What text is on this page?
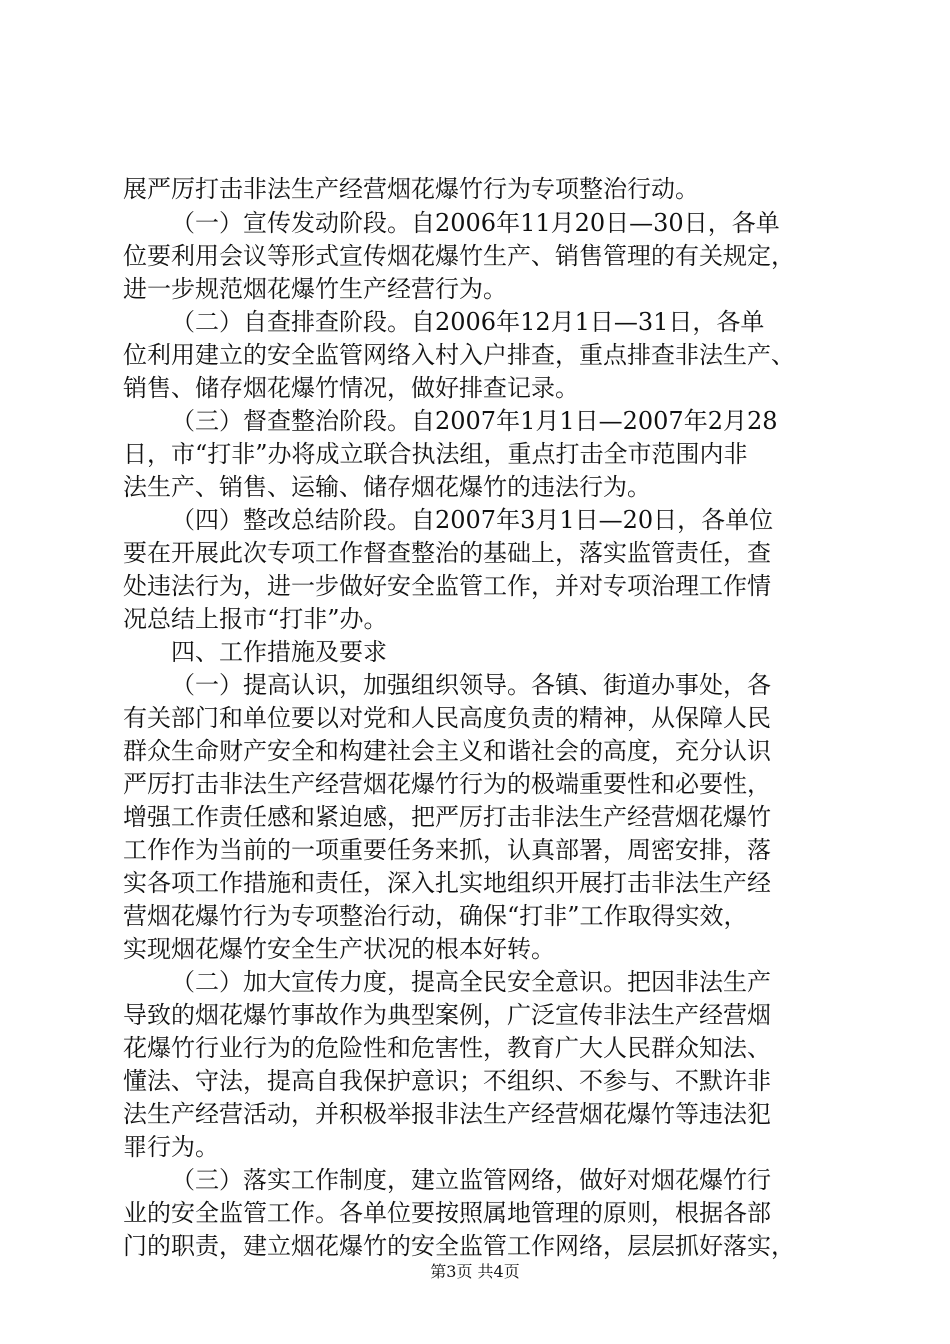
展严厉打击非法生产经营烟花爆竹行为专项整治行动。
（一）宣传发动阶段。自2006年11月20日—30日，各单
位要利用会议等形式宣传烟花爆竹生产、销售管理的有关规定，
进一步规范烟花爆竹生产经营行为。
（二）自查排查阶段。自2006年12月1日—31日，各单
位利用建立的安全监管网络入村入户排查，重点排查非法生产、
销售、储存烟花爆竹情况，做好排查记录。
（三）督查整治阶段。自2007年1月1日—2007年2月28
日，市“打非”办将成立联合执法组，重点打击全市范围内非
法生产、销售、运输、储存烟花爆竹的违法行为。
（四）整改总结阶段。自2007年3月1日—20日，各单位
要在开展此次专项工作督查整治的基础上，落实监管责任，查
处违法行为，进一步做好安全监管工作，并对专项治理工作情
况总结上报市“打非”办。
四、工作措施及要求
（一）提高认识，加强组织领导。各镇、街道办事处，各
有关部门和单位要以对党和人民高度负责的精神，从保障人民
群众生命财产安全和构建社会主义和谐社会的高度，充分认识
严厉打击非法生产经营烟花爆竹行为的极端重要性和必要性，
增强工作责任感和紧迫感，把严厉打击非法生产经营烟花爆竹
工作作为当前的一项重要任务来抓，认真部署，周密安排，落
实各项工作措施和责任，深入扎实地组织开展打击非法生产经
营烟花爆竹行为专项整治行动，确保“打非”工作取得实效，
实现烟花爆竹安全生产状况的根本好转。
（二）加大宣传力度，提高全民安全意识。把因非法生产
导致的烟花爆竹事故作为典型案例，广泛宣传非法生产经营烟
花爆竹行业行为的危险性和危害性，教育广大人民群众知法、
懂法、守法，提高自我保护意识；不组织、不参与、不默许非
法生产经营活动，并积极举报非法生产经营烟花爆竹等违法犯
罪行为。
（三）落实工作制度，建立监管网络，做好对烟花爆竹行
业的安全监管工作。各单位要按照属地管理的原则，根据各部
门的职责，建立烟花爆竹的安全监管工作网络，层层抓好落实，
第3页 共4页
